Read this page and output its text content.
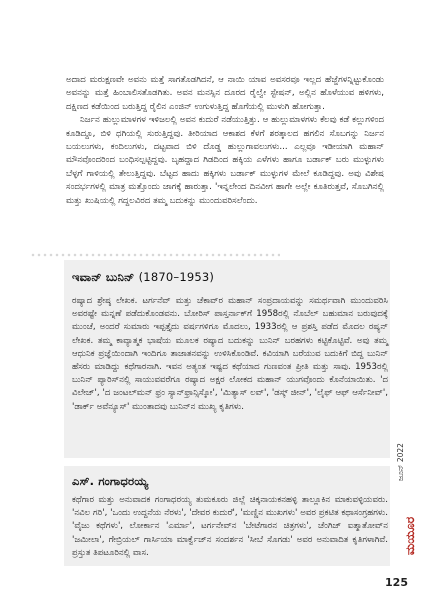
ಅದಾದ ಮರುಕ್ಷಣವೇ ಅವನು ಮತ್ತೆ ಸಾಗತೊಡಗಿದನೆ, ಆ ನಾಯಿ ಯಾವ ಅವಸರವೂ ಇಲ್ಲದ ಹೆಜ್ಜೆಗಳನ್ನಿಟ್ಟುಕೊಂಡು ಅವನನ್ನು ಮತ್ತೆ ಹಿಂಬಾಲಿಸತೊಡಗಿತು. ಅವನ ಮನಸ್ಸಿನ ದೂರದ ರೈಲ್ವೇ ಸ್ಟೇಷನ್, ಅಲ್ಲಿನ ಹೊಳೆಯುವ ಹಳಿಗಳು, ದಕ್ಷಿಣದ ಕಡೆಯಿಂದ ಬರುತ್ತಿದ್ದ ರೈಲಿನ ಎಂಜಿನ್ ಉಗುಳುತ್ತಿದ್ದ ಹೊಗೆಯಲ್ಲಿ ಮುಳುಗಿ ಹೋಗುತ್ತಾ.

ನಿರ್ಜನ ಹುಲ್ಲುಮಾಳಗಳ ಇಳಿಜಲಲ್ಲಿ ಅವನ ಕುದುರೆ ನಡೆಯುತ್ತಿತ್ತು. ಆ ಹುಲ್ಲುಮಾಳಗಳು ಕೆಲವು ಕಡೆ ಕಲ್ಲುಗಳಿಂದ ಕೂಡಿದ್ದೂ, ಬಿಳಿ ಧಗಿಯಲ್ಲಿ ಸುರುತ್ತಿದ್ದವು. ತೀರಿಯಾದ ಆಕಾಶದ ಕೆಳಗೆ ಶರತ್ಕಾಲದ ಹಗಲಿನ ಸೊಬಗನ್ನು ನಿರ್ಜನ ಬಯಲುಗಳು, ಕಂದಿಲುಗಳು, ದಟ್ಟವಾದ ಬಿಳಿ ದೊಡ್ಡ ಹುಲ್ಲುಗಾವಲುಗಳು... ಎಲ್ಲವೂ ಇಡೀಯಾಗಿ ಮಹಾನ್ ಮೌನವೊಂದರಿಂದ ಬಂಧಿಸಲ್ಪಟ್ಟಿದ್ದವು. ಬೃಹದ್ದಾದ ಗಿಡದಿಂದ ಹಕ್ಕಿಯ ಎಳೆಗಳು ಹಾಗೂ ಬರ್ಡಾಕ್ ಬರು ಮುಳ್ಳುಗಳು ಬೆಳ್ಳಗೆ ಗಾಳಿಯಲ್ಲಿ ತೇಲುತ್ತಿದ್ದವು. ಬೆಟ್ಟದ ಹಾದು ಹಕ್ಕಿಗಳು ಬರ್ಡಾಕ್ ಮುಳ್ಳುಗಳ ಮೇಲೆ ಕೂಡಿದ್ದವು. ಅವು ವಿಶೇಷ ಸಂದರ್ಭಗಳಲ್ಲಿ ಮಾತ್ರ ಮತ್ತೊಂದು ಜಾಗಕ್ಕೆ ಹಾರುತ್ತಾ. 'ಇನ್ನಲೇಂದ ದಿನವೀಗ ಹಾಗೇ ಅಲ್ಲೇ ಕೂತಿರುತ್ತವೆ, ಸೊಬಗಿನಲ್ಲಿ ಮತ್ತು ಖುಷಿಯಲ್ಲಿ ಗದ್ದಲವಿರದ ತಮ್ಮ ಬದುಕನ್ನು ಮುಂದುವರಿಸಲೆಂದು.

ಇವಾನ್ ಬುನಿನ್ (1870–1953)

ರಷ್ಯಾದ ಶ್ರೇಷ್ಠ ಲೇಖಕ. ಟರ್ಗನೆವ್ ಮತ್ತು ಚೆಕಾವ್‌ರ ಮಹಾನ್ ಸಂಪ್ರದಾಯವನ್ನು ಸಮರ್ಥವಾಗಿ ಮುಂದುವರಿಸಿ ಅವರಷ್ಟೇ ಮನ್ನಣೆ ಪಡೆದುಕೊಂಡವನು. ಬೋರಿಸ್ ಪಾಸ್ತರ್ನಾಕ್‌ಗೆ 1958ರಲ್ಲಿ ನೊಬೆಲ್ ಬಹುಮಾನ ಬರುವುದಕ್ಕೆ ಮುಂಚೆ, ಅಂದರೆ ಸುಮಾರು ಇಪ್ಪತ್ತೈದು ವರ್ಷಗಳಿಗೂ ಮೊದಲು, 1933ರಲ್ಲಿ ಆ ಪ್ರಶಸ್ತಿ ಪಡೆದ ಮೊದಲ ರಷ್ಯನ್ ಲೇಖಕ. ತಮ್ಮ ಕಾವ್ಯಾತ್ಮಕ ಭಾಷೆಯ ಮೂಲಕ ರಷ್ಯಾದ ಬದುಕನ್ನು ಬುನಿನ್ ಬರಹಗಳು ಕಟ್ಟಿಕೊಟ್ಟಿವೆ. ಅವು ತಮ್ಮ ಆಧುನಿಕ ಪ್ರಜ್ಞೆಯಿಂದಾಗಿ ಇಂದಿಗೂ ತಾಜಾತನವನ್ನು ಉಳಿಸಿಕೊಂಡಿವೆ. ಕವಿಯಾಗಿ ಬರೆಯುವ ಬದುಕಿಗೆ ಬಿದ್ದ ಬುನಿನ್ ಹೆಸರು ಮಾಡಿದ್ದು ಕಥೆಗಾರನಾಗಿ. ಇವನ ಅತ್ಯಂತ ಇಷ್ಟದ ಕಥೆಯಾದ ಗುಣವಂತ ಪ್ರೀತಿ ಮತ್ತು ಸಾವು. 1953ರಲ್ಲಿ ಬುನಿನ್ ಪ್ಯಾರಿಸ್‌ನಲ್ಲಿ ಸಾಯುವವರೆಗೂ ರಷ್ಯಾದ ಅಕ್ಷರ ಲೋಕದ ಮಹಾನ್ ಯುಗವೊಂದು ಕೊನೆಯಾಯಿತು. 'ದ ವಿಲೇಜ್', 'ದ ಜಂಟಲ್‌ಮನ್ ಫ್ರಂ ಸ್ಯಾನ್‌ಫ್ರಾನ್ಸಿಸ್ಕೋ', 'ಮಿತ್ಯಾಸ್ ಲವ್', 'ಡಸ್ಕ್ ಜೀನ್', 'ಲೈಫ್ ಆಫ್ ಆರ್ಸೆನೀವ್', 'ಡಾರ್ಕ್ ಅವೆನ್ಯೂಸ್' ಮುಂತಾದವು ಬುನಿನ್‌ನ ಮುಖ್ಯ ಕೃತಿಗಳು.

ಎಸ್. ಗಂಗಾಧರಯ್ಯ

ಕಥೆಗಾರ ಮತ್ತು ಅನುವಾದಕ ಗಂಗಾಧರಯ್ಯ ತುಮಕೂರು ಜಿಲ್ಲೆ ಚಿಕ್ಕನಾಯಕನಹಳ್ಳಿ ತಾಲ್ಲೂಕಿನ ಮಾಕುವಳ್ಳಿಯವರು. 'ನವಿಲ ಗರಿ', 'ಒಂದು ಉದ್ದನೆಯ ನೆರಳು', 'ದೇವರ ಕುದುರೆ', 'ಮಣ್ಣಿನ ಮುಖಗಳು' ಅವರ ಪ್ರಕಟಿತ ಕಥಾಸಂಗ್ರಹಗಳು. 'ವೈಜು ಕಥೆಗಳು', ಲೋರ್ಕಾನ 'ಎರ್ಮಾ', ಟರ್ಗನೇವ್‌ನ 'ಬೇಟೆಗಾರನ ಚಿತ್ರಗಳು', ಚೆಂಗಿಜ್ ಐತ್ಮಾತೋವ್‌ನ 'ಜಮೀಲಾ', ಗೇಬ್ರಿಯಲ್ ಗಾರ್ಸಿಯಾ ಮಾರ್ಕ್ವೆಜ್‌ನ ಸಂದರ್ಶನ 'ಸೀಬೆ ಸೊಗಡು' ಅವರ ಅನುವಾದಿತ ಕೃತಿಗಳಾಗಿವೆ. ಪ್ರಸ್ತುತ ತಿಪಟೂರಿನಲ್ಲಿ ವಾಸ.

ಜೂನ್ 2022
ಮಯೂರ
125
